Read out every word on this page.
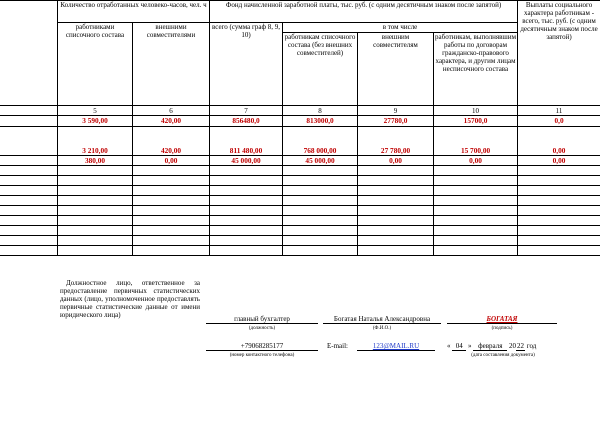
	Количество отработанных человеко-часов, чел. ч		Фонд начисленной заработной платы, тыс. руб. (с одним десятичным знаком после запятой)				Выплаты социального характера работникам - всего, тыс. руб. (с одним десятичным знаком после запятой)
	работниками списочного состава	внешними совместителями	всего (сумма граф 8, 9, 10)	в том числе			
				работникам списочного состава (без внешних совместителей)	внешним совместителям	работникам, выполнявшим работы по договорам гражданско-правового характера, и другим лицам несписочного состава	
	5	6	7	8	9	10	11
	3 590,00	420,00	856480,0	813000,0	27780,0	15700,0	0,0
	3 210,00	420,00	811 480,00	768 000,00	27 780,00	15 700,00	0,00
	380,00	0,00	45 000,00	45 000,00	0,00	0,00	0,00

Должностное лицо, ответственное за предоставление первичных статистических данных (лицо, уполномоченное предоставлять первичные статистические данные от имени юридического лица)	главный бухгалтер
(должность)
Богатая Наталья Александровна
(Ф.И.О.)
БОГАТАЯ
(подпись)
+79068285177
(номер контактного телефона)
E-mail:	123@MAIL.RU	« 04 » февраля 2022 год
(дата составления документа)
